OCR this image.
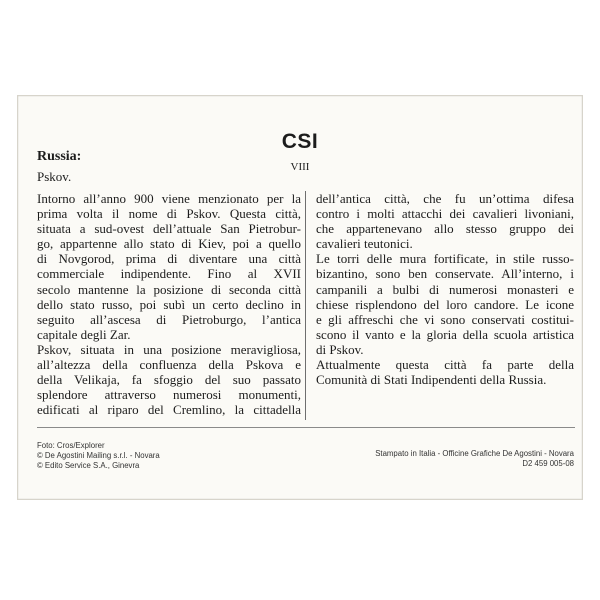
CSI
VIII
Russia:
Pskov.
Intorno all’anno 900 viene menzionato per la
prima volta il nome di Pskov. Questa città,
situata a sud-ovest dell’attuale San Pietrobur-
go, appartenne allo stato di Kiev, poi a quello
di Novgorod, prima di diventare una città
commerciale indipendente. Fino al XVII
secolo mantenne la posizione di seconda città
dello stato russo, poi subì un certo declino in
seguito all’ascesa di Pietroburgo, l’antica
capitale degli Zar.
Pskov, situata in una posizione meravigliosa,
all’altezza della confluenza della Pskova e
della Velikaja, fa sfoggio del suo passato
splendore attraverso numerosi monumenti,
edificati al riparo del Cremlino, la cittadella
dell’antica città, che fu un’ottima difesa
contro i molti attacchi dei cavalieri livoniani,
che appartenevano allo stesso gruppo dei
cavalieri teutonici.
Le torri delle mura fortificate, in stile russo-
bizantino, sono ben conservate. All’interno, i
campanili a bulbi di numerosi monasteri e
chiese risplendono del loro candore. Le icone
e gli affreschi che vi sono conservati costitui-
scono il vanto e la gloria della scuola artistica
di Pskov.
Attualmente questa città fa parte della
Comunità di Stati Indipendenti della Russia.
Foto: Cros/Explorer
© De Agostini Mailing s.r.l. - Novara
© Edito Service S.A., Ginevra
Stampato in Italia - Officine Grafiche De Agostini - Novara
D2 459 005-08
